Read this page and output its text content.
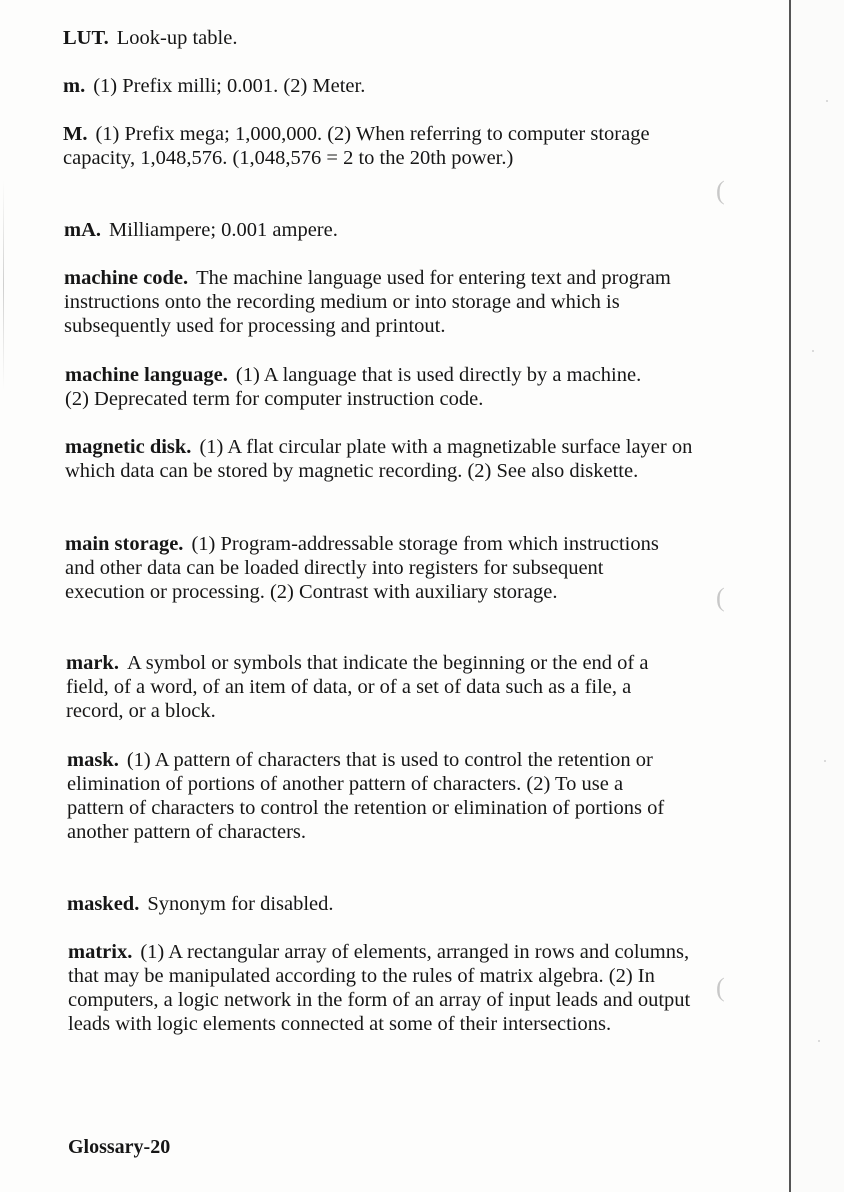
(
(
(

LUT. Look-up table.

m. (1) Prefix milli; 0.001. (2) Meter.

M. (1) Prefix mega; 1,000,000. (2) When referring to computer storage capacity, 1,048,576. (1,048,576 = 2 to the 20th power.)

mA. Milliampere; 0.001 ampere.

machine code. The machine language used for entering text and program instructions onto the recording medium or into storage and which is subsequently used for processing and printout.

machine language. (1) A language that is used directly by a machine. (2) Deprecated term for computer instruction code.

magnetic disk. (1) A flat circular plate with a magnetizable surface layer on which data can be stored by magnetic recording. (2) See also diskette.

main storage. (1) Program-addressable storage from which instructions and other data can be loaded directly into registers for subsequent execution or processing. (2) Contrast with auxiliary storage.

mark. A symbol or symbols that indicate the beginning or the end of a field, of a word, of an item of data, or of a set of data such as a file, a record, or a block.

mask. (1) A pattern of characters that is used to control the retention or elimination of portions of another pattern of characters. (2) To use a pattern of characters to control the retention or elimination of portions of another pattern of characters.

masked. Synonym for disabled.

matrix. (1) A rectangular array of elements, arranged in rows and columns, that may be manipulated according to the rules of matrix algebra. (2) In computers, a logic network in the form of an array of input leads and output leads with logic elements connected at some of their intersections.

Glossary-20
